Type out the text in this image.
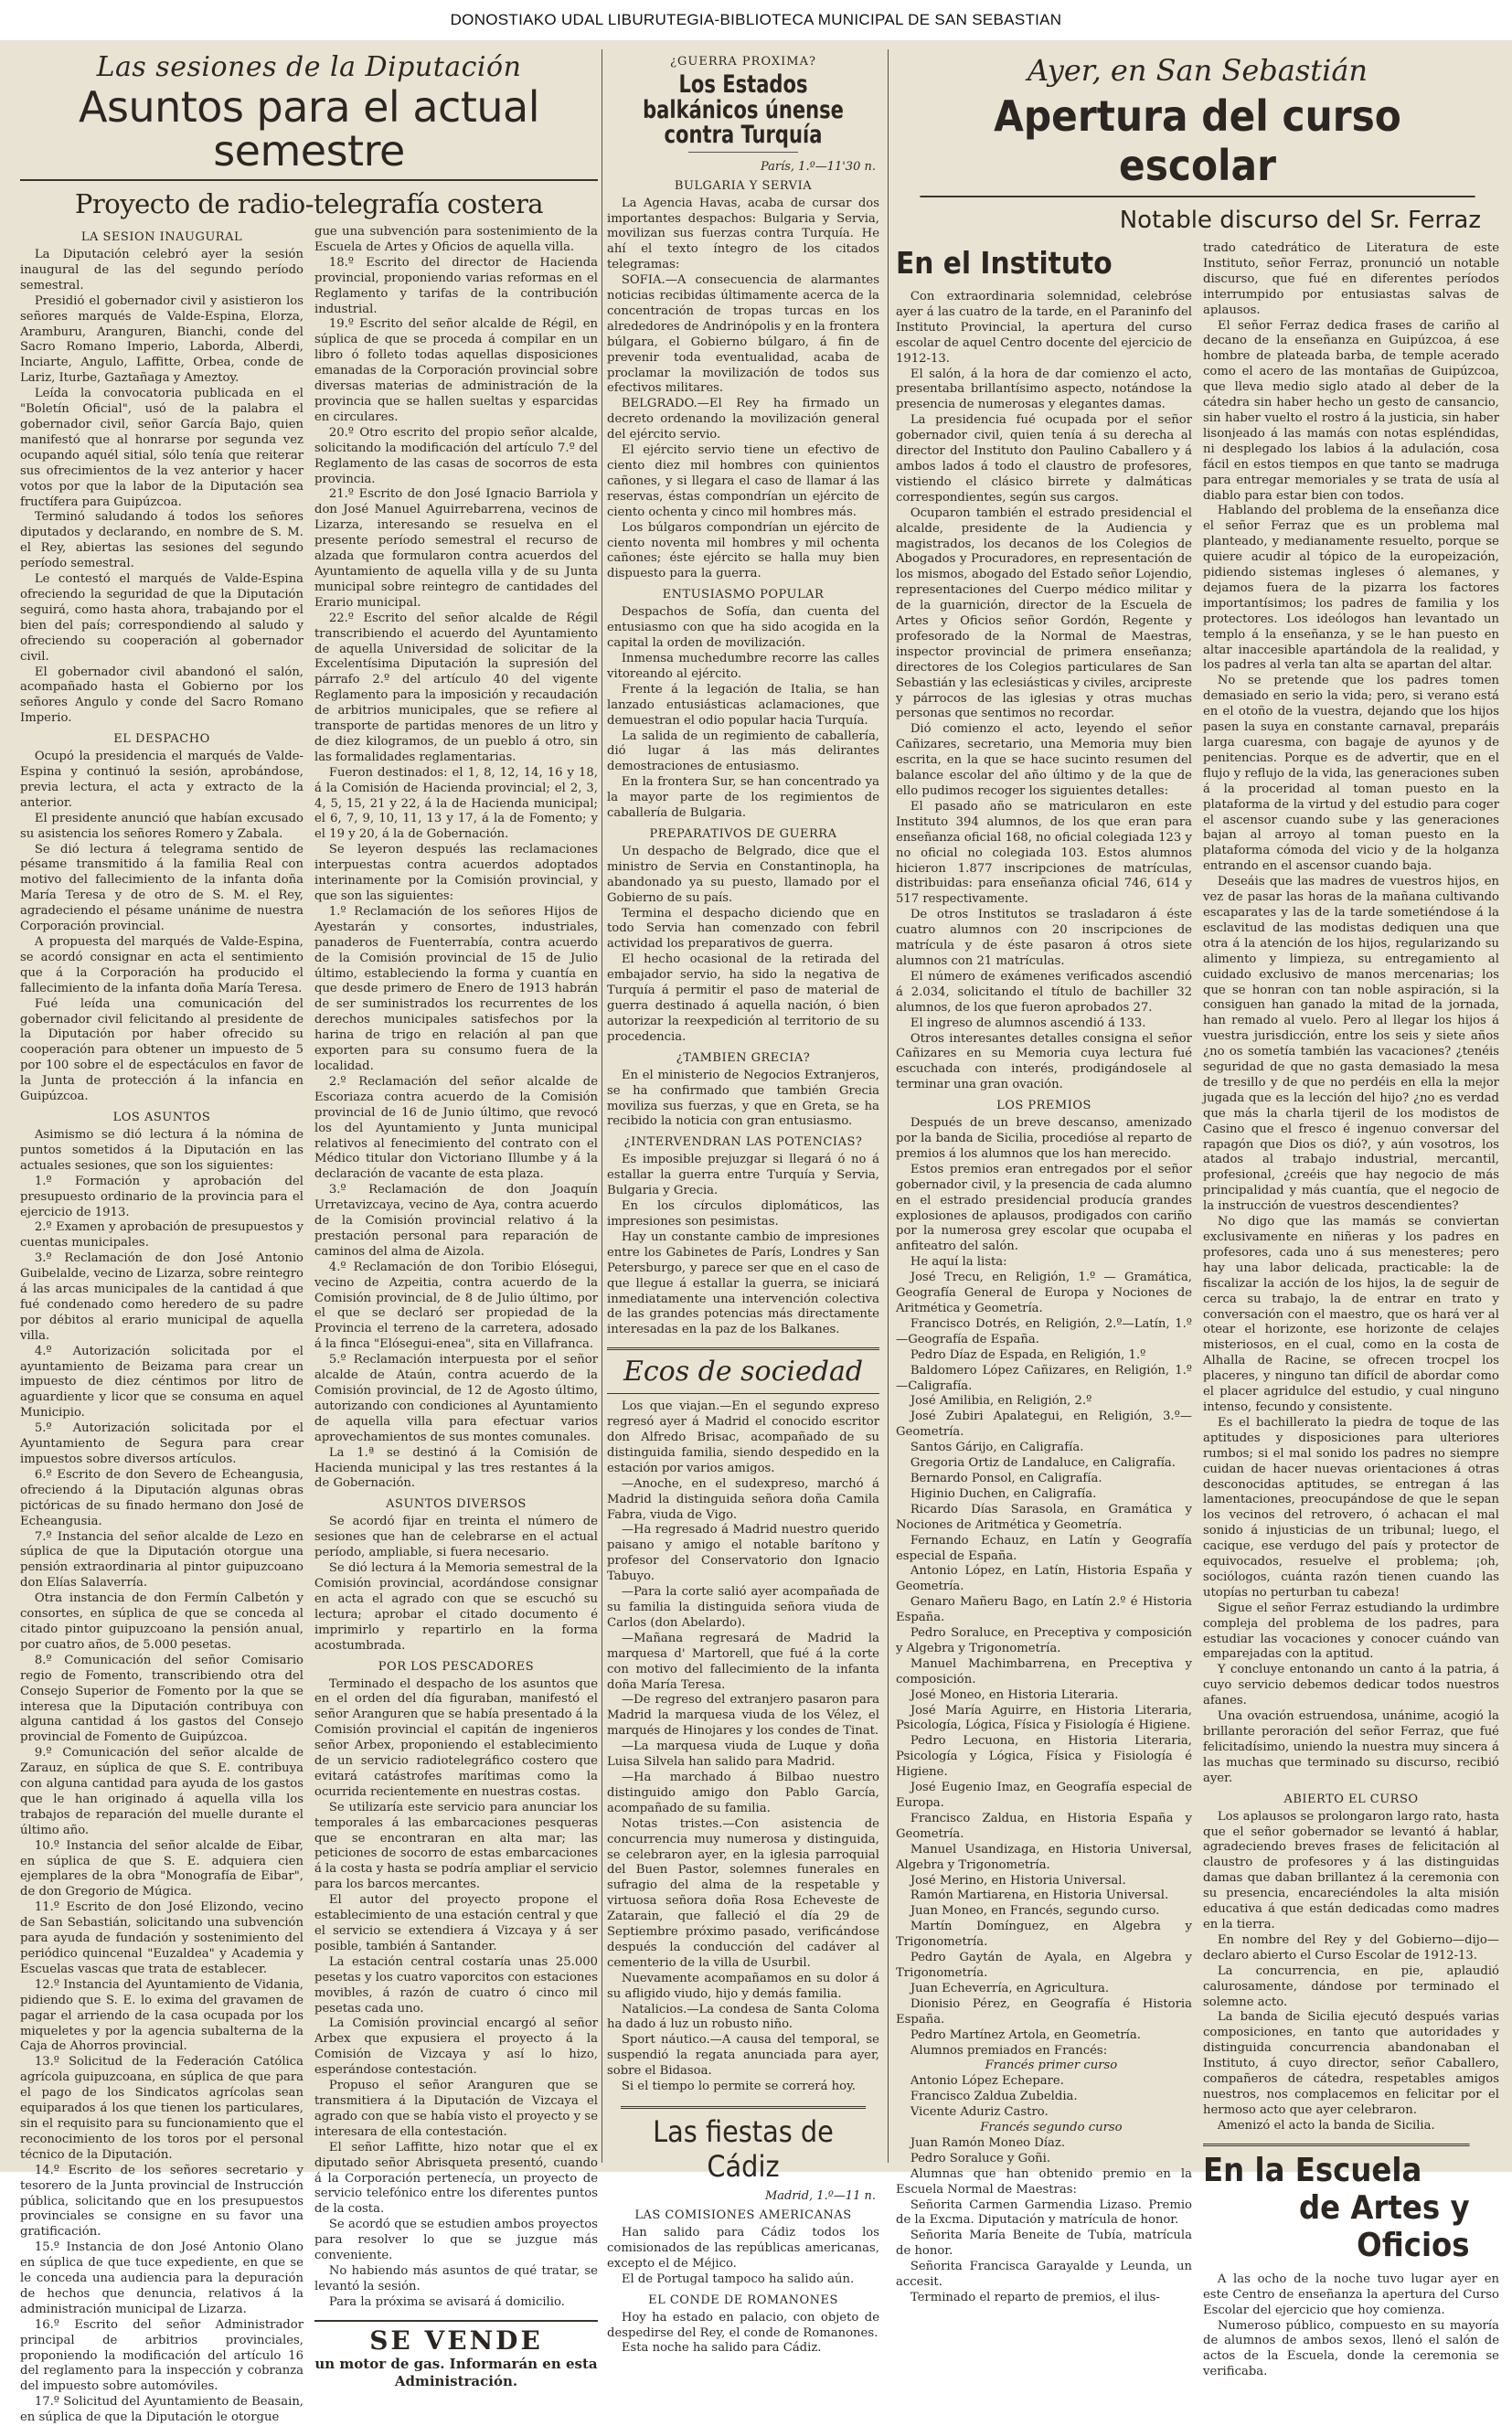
DONOSTIAKO UDAL LIBURUTEGIA-BIBLIOTECA MUNICIPAL DE SAN SEBASTIAN
Las sesiones de la Diputación
Asuntos para el actual semestre
Proyecto de radio-telegrafía costera
LA SESION INAUGURAL

La Diputación celebró ayer la sesión inaugural de las del segundo período semestral.

Presidió el gobernador civil y asistieron los señores marqués de Valde-Espina, Elorza, Aramburu, Aranguren, Bianchi, conde del Sacro Romano Imperio, Laborda, Alberdi, Inciarte, Angulo, Laffitte, Orbea, conde de Lariz, Iturbe, Gaztañaga y Ameztoy.

Leída la convocatoria publicada en el "Boletín Oficial", usó de la palabra el gobernador civil, señor García Bajo, quien manifestó que al honrarse por segunda vez ocupando aquél sitial, sólo tenía que reiterar sus ofrecimientos de la vez anterior y hacer votos por que la labor de la Diputación sea fructífera para Guipúzcoa.

Terminó saludando á todos los señores diputados y declarando, en nombre de S. M. el Rey, abiertas las sesiones del segundo período semestral.

Le contestó el marqués de Valde-Espina ofreciendo la seguridad de que la Diputación seguirá, como hasta ahora, trabajando por el bien del país; correspondiendo al saludo y ofreciendo su cooperación al gobernador civil.

El gobernador civil abandonó el salón, acompañado hasta el Gobierno por los señores Angulo y conde del Sacro Romano Imperio.

EL DESPACHO

Ocupó la presidencia el marqués de Valde-Espina y continuó la sesión, aprobándose, previa lectura, el acta y extracto de la anterior.

El presidente anunció que habían excusado su asistencia los señores Romero y Zabala.

Se dió lectura á telegrama sentido de pésame transmitido á la familia Real con motivo del fallecimiento de la infanta doña María Teresa y de otro de S. M. el Rey, agradeciendo el pésame unánime de nuestra Corporación provincial.

A propuesta del marqués de Valde-Espina, se acordó consignar en acta el sentimiento que á la Corporación ha producido el fallecimiento de la infanta doña María Teresa.

Fué leída una comunicación del gobernador civil felicitando al presidente de la Diputación por haber ofrecido su cooperación para obtener un impuesto de 5 por 100 sobre el de espectáculos en favor de la Junta de protección á la infancia en Guipúzcoa.

LOS ASUNTOS

Asimismo se dió lectura á la nómina de puntos sometidos á la Diputación en las actuales sesiones, que son los siguientes:

1.º Formación y aprobación del presupuesto ordinario de la provincia para el ejercicio de 1913.

2.º Examen y aprobación de presupuestos y cuentas municipales.

3.º Reclamación de don José Antonio Guibelalde, vecino de Lizarza, sobre reintegro á las arcas municipales de la cantidad á que fué condenado como heredero de su padre por débitos al erario municipal de aquella villa.

4.º Autorización solicitada por el ayuntamiento de Beizama para crear un impuesto de diez céntimos por litro de aguardiente y licor que se consuma en aquel Municipio.

5.º Autorización solicitada por el Ayuntamiento de Segura para crear impuestos sobre diversos artículos.

6.º Escrito de don Severo de Echeangusia, ofreciendo á la Diputación algunas obras pictóricas de su finado hermano don José de Echeangusia.

7.º Instancia del señor alcalde de Lezo en súplica de que la Diputación otorgue una pensión extraordinaria al pintor guipuzcoano don Elías Salaverría.

Otra instancia de don Fermín Calbetón y consortes, en súplica de que se conceda al citado pintor guipuzcoano la pensión anual, por cuatro años, de 5.000 pesetas.

8.º Comunicación del señor Comisario regio de Fomento, transcribiendo otra del Consejo Superior de Fomento por la que se interesa que la Diputación contribuya con alguna cantidad á los gastos del Consejo provincial de Fomento de Guipúzcoa.

9.º Comunicación del señor alcalde de Zarauz, en súplica de que S. E. contribuya con alguna cantidad para ayuda de los gastos que le han originado á aquella villa los trabajos de reparación del muelle durante el último año.

10.º Instancia del señor alcalde de Eibar, en súplica de que S. E. adquiera cien ejemplares de la obra "Monografía de Eibar", de don Gregorio de Múgica.

11.º Escrito de don José Elizondo, vecino de San Sebastián, solicitando una subvención para ayuda de fundación y sostenimiento del periódico quincenal "Euzaldea" y Academia y Escuelas vascas que trata de establecer.

12.º Instancia del Ayuntamiento de Vidania, pidiendo que S. E. lo exima del gravamen de pagar el arriendo de la casa ocupada por los miqueletes y por la agencia subalterna de la Caja de Ahorros provincial.

13.º Solicitud de la Federación Católica agrícola guipuzcoana, en súplica de que para el pago de los Sindicatos agrícolas sean equiparados á los que tienen los particulares, sin el requisito para su funcionamiento que el reconocimiento de los toros por el personal técnico de la Diputación.

14.º Escrito de los señores secretario y tesorero de la Junta provincial de Instrucción pública, solicitando que en los presupuestos provinciales se consigne en su favor una gratificación.

15.º Instancia de don José Antonio Olano en súplica de que tuce expediente, en que se le conceda una audiencia para la depuración de hechos que denuncia, relativos á la administración municipal de Lizarza.

16.º Escrito del señor Administrador principal de arbitrios provinciales, proponiendo la modificación del artículo 16 del reglamento para la inspección y cobranza del impuesto sobre automóviles.

17.º Solicitud del Ayuntamiento de Beasain, en súplica de que la Diputación le otorgue

gue una subvención para sostenimiento de la Escuela de Artes y Oficios de aquella villa.

18.º Escrito del director de Hacienda provincial, proponiendo varias reformas en el Reglamento y tarifas de la contribución industrial.

19.º Escrito del señor alcalde de Régil, en súplica de que se proceda á compilar en un libro ó folleto todas aquellas disposiciones emanadas de la Corporación provincial sobre diversas materias de administración de la provincia que se hallen sueltas y esparcidas en circulares.

20.º Otro escrito del propio señor alcalde, solicitando la modificación del artículo 7.º del Reglamento de las casas de socorros de esta provincia.

21.º Escrito de don José Ignacio Barriola y don José Manuel Aguirrebarrena, vecinos de Lizarza, interesando se resuelva en el presente período semestral el recurso de alzada que formularon contra acuerdos del Ayuntamiento de aquella villa y de su Junta municipal sobre reintegro de cantidades del Erario municipal.

22.º Escrito del señor alcalde de Régil transcribiendo el acuerdo del Ayuntamiento de aquella Universidad de solicitar de la Excelentísima Diputación la supresión del párrafo 2.º del artículo 40 del vigente Reglamento para la imposición y recaudación de arbitrios municipales, que se refiere al transporte de partidas menores de un litro y de diez kilogramos, de un pueblo á otro, sin las formalidades reglamentarias.

Fueron destinados: el 1, 8, 12, 14, 16 y 18, á la Comisión de Hacienda provincial; el 2, 3, 4, 5, 15, 21 y 22, á la de Hacienda municipal; el 6, 7, 9, 10, 11, 13 y 17, á la de Fomento; y el 19 y 20, á la de Gobernación.

Se leyeron después las reclamaciones interpuestas contra acuerdos adoptados interinamente por la Comisión provincial, y que son las siguientes:

1.º Reclamación de los señores Hijos de Ayestarán y consortes, industriales, panaderos de Fuenterrabía, contra acuerdo de la Comisión provincial de 15 de Julio último, estableciendo la forma y cuantía en que desde primero de Enero de 1913 habrán de ser suministrados los recurrentes de los derechos municipales satisfechos por la harina de trigo en relación al pan que exporten para su consumo fuera de la localidad.

2.º Reclamación del señor alcalde de Escoriaza contra acuerdo de la Comisión provincial de 16 de Junio último, que revocó los del Ayuntamiento y Junta municipal relativos al fenecimiento del contrato con el Médico titular don Victoriano Illumbe y á la declaración de vacante de esta plaza.

3.º Reclamación de don Joaquín Urretavizcaya, vecino de Aya, contra acuerdo de la Comisión provincial relativo á la prestación personal para reparación de caminos del alma de Aizola.

4.º Reclamación de don Toribio Elósegui, vecino de Azpeitia, contra acuerdo de la Comisión provincial, de 8 de Julio último, por el que se declaró ser propiedad de la Provincia el terreno de la carretera, adosado á la finca "Elósegui-enea", sita en Villafranca.

5.º Reclamación interpuesta por el señor alcalde de Ataún, contra acuerdo de la Comisión provincial, de 12 de Agosto último, autorizando con condiciones al Ayuntamiento de aquella villa para efectuar varios aprovechamientos de sus montes comunales.

La 1.ª se destinó á la Comisión de Hacienda municipal y las tres restantes á la de Gobernación.

ASUNTOS DIVERSOS

Se acordó fijar en treinta el número de sesiones que han de celebrarse en el actual período, ampliable, si fuera necesario.

Se dió lectura á la Memoria semestral de la Comisión provincial, acordándose consignar en acta el agrado con que se escuchó su lectura; aprobar el citado documento é imprimirlo y repartirlo en la forma acostumbrada.

POR LOS PESCADORES

Terminado el despacho de los asuntos que en el orden del día figuraban, manifestó el señor Aranguren que se había presentado á la Comisión provincial el capitán de ingenieros señor Arbex, proponiendo el establecimiento de un servicio radiotelegráfico costero que evitará catástrofes marítimas como la ocurrida recientemente en nuestras costas.

Se utilizaría este servicio para anunciar los temporales á las embarcaciones pesqueras que se encontraran en alta mar; las peticiones de socorro de estas embarcaciones á la costa y hasta se podría ampliar el servicio para los barcos mercantes.

El autor del proyecto propone el establecimiento de una estación central y que el servicio se extendiera á Vizcaya y á ser posible, también á Santander.

La estación central costaría unas 25.000 pesetas y los cuatro vaporcitos con estaciones movibles, á razón de cuatro ó cinco mil pesetas cada uno.

La Comisión provincial encargó al señor Arbex que expusiera el proyecto á la Comisión de Vizcaya y así lo hizo, esperándose contestación.

Propuso el señor Aranguren que se transmitiera á la Diputación de Vizcaya el agrado con que se había visto el proyecto y se interesara de ella contestación.

El señor Laffitte, hizo notar que el ex diputado señor Abrisqueta presentó, cuando á la Corporación pertenecía, un proyecto de servicio telefónico entre los diferentes puntos de la costa.

Se acordó que se estudien ambos proyectos para resolver lo que se juzgue más conveniente.

No habiendo más asuntos de qué tratar, se levantó la sesión.

Para la próxima se avisará á domicilio.

SE VENDE
un motor de gas. Informarán en esta Administración.
¿GUERRA PROXIMA?
Los Estados balkánicos únense contra Turquía
París, 1.º—11'30 n.
BULGARIA Y SERVIA

La Agencia Havas, acaba de cursar dos importantes despachos: Bulgaria y Servia, movilizan sus fuerzas contra Turquía. He ahí el texto íntegro de los citados telegramas:

SOFIA.—A consecuencia de alarmantes noticias recibidas últimamente acerca de la concentración de tropas turcas en los alrededores de Andrinópolis y en la frontera búlgara, el Gobierno búlgaro, á fin de prevenir toda eventualidad, acaba de proclamar la movilización de todos sus efectivos militares.

BELGRADO.—El Rey ha firmado un decreto ordenando la movilización general del ejército servio.

El ejército servio tiene un efectivo de ciento diez mil hombres con quinientos cañones, y si llegara el caso de llamar á las reservas, éstas compondrían un ejército de ciento ochenta y cinco mil hombres más.

Los búlgaros compondrían un ejército de ciento noventa mil hombres y mil ochenta cañones; éste ejército se halla muy bien dispuesto para la guerra.

ENTUSIASMO POPULAR

Despachos de Sofía, dan cuenta del entusiasmo con que ha sido acogida en la capital la orden de movilización.

Inmensa muchedumbre recorre las calles vitoreando al ejército.

Frente á la legación de Italia, se han lanzado entusiásticas aclamaciones, que demuestran el odio popular hacia Turquía.

La salida de un regimiento de caballería, dió lugar á las más delirantes demostraciones de entusiasmo.

En la frontera Sur, se han concentrado ya la mayor parte de los regimientos de caballería de Bulgaria.

PREPARATIVOS DE GUERRA

Un despacho de Belgrado, dice que el ministro de Servia en Constantinopla, ha abandonado ya su puesto, llamado por el Gobierno de su país.

Termina el despacho diciendo que en todo Servia han comenzado con febril actividad los preparativos de guerra.

El hecho ocasional de la retirada del embajador servio, ha sido la negativa de Turquía á permitir el paso de material de guerra destinado á aquella nación, ó bien autorizar la reexpedición al territorio de su procedencia.

¿TAMBIEN GRECIA?

En el ministerio de Negocios Extranjeros, se ha confirmado que también Grecia moviliza sus fuerzas, y que en Greta, se ha recibido la noticia con gran entusiasmo.

¿INTERVENDRAN LAS POTENCIAS?

Es imposible prejuzgar si llegará ó no á estallar la guerra entre Turquía y Servia, Bulgaria y Grecia.

En los círculos diplomáticos, las impresiones son pesimistas.

Hay un constante cambio de impresiones entre los Gabinetes de París, Londres y San Petersburgo, y parece ser que en el caso de que llegue á estallar la guerra, se iniciará inmediatamente una intervención colectiva de las grandes potencias más directamente interesadas en la paz de los Balkanes.

Ecos de sociedad

Los que viajan.—En el segundo expreso regresó ayer á Madrid el conocido escritor don Alfredo Brisac, acompañado de su distinguida familia, siendo despedido en la estación por varios amigos.

—Anoche, en el sudexpreso, marchó á Madrid la distinguida señora doña Camila Fabra, viuda de Vigo.

—Ha regresado á Madrid nuestro querido paisano y amigo el notable barítono y profesor del Conservatorio don Ignacio Tabuyo.

—Para la corte salió ayer acompañada de su familia la distinguida señora viuda de Carlos (don Abelardo).

—Mañana regresará de Madrid la marquesa d' Martorell, que fué á la corte con motivo del fallecimiento de la infanta doña María Teresa.

—De regreso del extranjero pasaron para Madrid la marquesa viuda de los Vélez, el marqués de Hinojares y los condes de Tinat.

—La marquesa viuda de Luque y doña Luisa Silvela han salido para Madrid.

—Ha marchado á Bilbao nuestro distinguido amigo don Pablo García, acompañado de su familia.

Notas tristes.—Con asistencia de concurrencia muy numerosa y distinguida, se celebraron ayer, en la iglesia parroquial del Buen Pastor, solemnes funerales en sufragio del alma de la respetable y virtuosa señora doña Rosa Echeveste de Zatarain, que falleció el día 29 de Septiembre próximo pasado, verificándose después la conducción del cadáver al cementerio de la villa de Usurbil.

Nuevamente acompañamos en su dolor á su afligido viudo, hijo y demás familia.

Natalicios.—La condesa de Santa Coloma ha dado á luz un robusto niño.

Sport náutico.—A causa del temporal, se suspendió la regata anunciada para ayer, sobre el Bidasoa.

Si el tiempo lo permite se correrá hoy.

Las fiestas de Cádiz
Madrid, 1.º—11 n.
LAS COMISIONES AMERICANAS

Han salido para Cádiz todos los comisionados de las repúblicas americanas, excepto el de Méjico.

El de Portugal tampoco ha salido aún.

EL CONDE DE ROMANONES

Hoy ha estado en palacio, con objeto de despedirse del Rey, el conde de Romanones.

Esta noche ha salido para Cádiz.

Ayer, en San Sebastián
Apertura del curso escolar
Notable discurso del Sr. Ferraz
En el Instituto

Con extraordinaria solemnidad, celebróse ayer á las cuatro de la tarde, en el Paraninfo del Instituto Provincial, la apertura del curso escolar de aquel Centro docente del ejercicio de 1912-13.

El salón, á la hora de dar comienzo el acto, presentaba brillantísimo aspecto, notándose la presencia de numerosas y elegantes damas.

La presidencia fué ocupada por el señor gobernador civil, quien tenía á su derecha al director del Instituto don Paulino Caballero y á ambos lados á todo el claustro de profesores, vistiendo el clásico birrete y dalmáticas correspondientes, según sus cargos.

Ocuparon también el estrado presidencial el alcalde, presidente de la Audiencia y magistrados, los decanos de los Colegios de Abogados y Procuradores, en representación de los mismos, abogado del Estado señor Lojendio, representaciones del Cuerpo médico militar y de la guarnición, director de la Escuela de Artes y Oficios señor Gordón, Regente y profesorado de la Normal de Maestras, inspector provincial de primera enseñanza; directores de los Colegios particulares de San Sebastián y las eclesiásticas y civiles, arcipreste y párrocos de las iglesias y otras muchas personas que sentimos no recordar.

Dió comienzo el acto, leyendo el señor Cañizares, secretario, una Memoria muy bien escrita, en la que se hace sucinto resumen del balance escolar del año último y de la que de ello pudimos recoger los siguientes detalles:

El pasado año se matricularon en este Instituto 394 alumnos, de los que eran para enseñanza oficial 168, no oficial colegiada 123 y no oficial no colegiada 103. Estos alumnos hicieron 1.877 inscripciones de matrículas, distribuidas: para enseñanza oficial 746, 614 y 517 respectivamente.

De otros Institutos se trasladaron á éste cuatro alumnos con 20 inscripciones de matrícula y de éste pasaron á otros siete alumnos con 21 matrículas.

El número de exámenes verificados ascendió á 2.034, solicitando el título de bachiller 32 alumnos, de los que fueron aprobados 27.

El ingreso de alumnos ascendió á 133.

Otros interesantes detalles consigna el señor Cañizares en su Memoria cuya lectura fué escuchada con interés, prodigándosele al terminar una gran ovación.

LOS PREMIOS

Después de un breve descanso, amenizado por la banda de Sicilia, procedióse al reparto de premios á los alumnos que los han merecido.

Estos premios eran entregados por el señor gobernador civil, y la presencia de cada alumno en el estrado presidencial producía grandes explosiones de aplausos, prodigados con cariño por la numerosa grey escolar que ocupaba el anfiteatro del salón.

He aquí la lista:

José Trecu, en Religión, 1.º — Gramática, Geografía General de Europa y Nociones de Aritmética y Geometría.

Francisco Dotrés, en Religión, 2.º—Latín, 1.º —Geografía de España.

Pedro Díaz de Espada, en Religión, 1.º

Baldomero López Cañizares, en Religión, 1.º —Caligrafía.

José Amilibia, en Religión, 2.º

José Zubiri Apalategui, en Religión, 3.º— Geometría.

Santos Gárijo, en Caligrafía.

Gregoria Ortiz de Landaluce, en Caligrafía.

Bernardo Ponsol, en Caligrafía.

Higinio Duchen, en Caligrafía.

Ricardo Días Sarasola, en Gramática y Nociones de Aritmética y Geometría.

Fernando Echauz, en Latín y Geografía especial de España.

Antonio López, en Latín, Historia España y Geometría.

Genaro Mañeru Bago, en Latín 2.º é Historia España.

Pedro Soraluce, en Preceptiva y composición y Algebra y Trigonometría.

Manuel Machimbarrena, en Preceptiva y composición.

José Moneo, en Historia Literaria.

José María Aguirre, en Historia Literaria, Psicología, Lógica, Física y Fisiología é Higiene.

Pedro Lecuona, en Historia Literaria, Psicología y Lógica, Física y Fisiología é Higiene.

José Eugenio Imaz, en Geografía especial de Europa.

Francisco Zaldua, en Historia España y Geometría.

Manuel Usandizaga, en Historia Universal, Algebra y Trigonometría.

José Merino, en Historia Universal.

Ramón Martiarena, en Historia Universal.

Juan Moneo, en Francés, segundo curso.

Martín Domínguez, en Algebra y Trigonometría.

Pedro Gaytán de Ayala, en Algebra y Trigonometría.

Juan Echeverría, en Agricultura.

Dionisio Pérez, en Geografía é Historia España.

Pedro Martínez Artola, en Geometría.

Alumnos premiados en Francés:

Francés primer curso

Antonio López Echepare.

Francisco Zaldua Zubeldia.

Vicente Aduriz Castro.

Francés segundo curso

Juan Ramón Moneo Díaz.

Pedro Soraluce y Goñi.

Alumnas que han obtenido premio en la Escuela Normal de Maestras:

Señorita Carmen Garmendia Lizaso. Premio de la Excma. Diputación y matrícula de honor.

Señorita María Beneite de Tubía, matrícula de honor.

Señorita Francisca Garayalde y Leunda, un accesit.

Terminado el reparto de premios, el ilus-

trado catedrático de Literatura de este Instituto, señor Ferraz, pronunció un notable discurso, que fué en diferentes períodos interrumpido por entusiastas salvas de aplausos.

El señor Ferraz dedica frases de cariño al decano de la enseñanza en Guipúzcoa, á ese hombre de plateada barba, de temple acerado como el acero de las montañas de Guipúzcoa, que lleva medio siglo atado al deber de la cátedra sin haber hecho un gesto de cansancio, sin haber vuelto el rostro á la justicia, sin haber lisonjeado á las mamás con notas espléndidas, ni desplegado los labios á la adulación, cosa fácil en estos tiempos en que tanto se madruga para entregar memoriales y se trata de usía al diablo para estar bien con todos.

Hablando del problema de la enseñanza dice el señor Ferraz que es un problema mal planteado, y medianamente resuelto, porque se quiere acudir al tópico de la europeización, pidiendo sistemas ingleses ó alemanes, y dejamos fuera de la pizarra los factores importantísimos; los padres de familia y los protectores. Los ideólogos han levantado un templo á la enseñanza, y se le han puesto en altar inaccesible apartándola de la realidad, y los padres al verla tan alta se apartan del altar.

No se pretende que los padres tomen demasiado en serio la vida; pero, si verano está en el otoño de la vuestra, dejando que los hijos pasen la suya en constante carnaval, preparáis larga cuaresma, con bagaje de ayunos y de penitencias. Porque es de advertir, que en el flujo y reflujo de la vida, las generaciones suben á la proceridad al toman puesto en la plataforma de la virtud y del estudio para coger el ascensor cuando sube y las generaciones bajan al arroyo al toman puesto en la plataforma cómoda del vicio y de la holganza entrando en el ascensor cuando baja.

Deseáis que las madres de vuestros hijos, en vez de pasar las horas de la mañana cultivando escaparates y las de la tarde sometiéndose á la esclavitud de las modistas dediquen una que otra á la atención de los hijos, regularizando su alimento y limpieza, su entregamiento al cuidado exclusivo de manos mercenarias; los que se honran con tan noble aspiración, si la consiguen han ganado la mitad de la jornada, han remado al vuelo. Pero al llegar los hijos á vuestra jurisdicción, entre los seis y siete años ¿no os sometía también las vacaciones? ¿tenéis seguridad de que no gasta demasiado la mesa de tresillo y de que no perdéis en ella la mejor jugada que es la lección del hijo? ¿no es verdad que más la charla tijeril de los modistos de Casino que el fresco é ingenuo conversar del rapagón que Dios os dió?, y aún vosotros, los atados al trabajo industrial, mercantil, profesional, ¿creéis que hay negocio de más principalidad y más cuantía, que el negocio de la instrucción de vuestros descendientes?

No digo que las mamás se conviertan exclusivamente en niñeras y los padres en profesores, cada uno á sus menesteres; pero hay una labor delicada, practicable: la de fiscalizar la acción de los hijos, la de seguir de cerca su trabajo, la de entrar en trato y conversación con el maestro, que os hará ver al otear el horizonte, ese horizonte de celajes misteriosos, en el cual, como en la costa de Alhalla de Racine, se ofrecen trocpel los placeres, y ninguno tan difícil de abordar como el placer agridulce del estudio, y cual ninguno intenso, fecundo y consistente.

Es el bachillerato la piedra de toque de las aptitudes y disposiciones para ulteriores rumbos; si el mal sonido los padres no siempre cuidan de hacer nuevas orientaciones á otras desconocidas aptitudes, se entregan á las lamentaciones, preocupándose de que le sepan los vecinos del retrovero, ó achacan el mal sonido á injusticias de un tribunal; luego, el cacique, ese verdugo del país y protector de equivocados, resuelve el problema; ¡oh, sociólogos, cuánta razón tienen cuando las utopías no perturban tu cabeza!

Sigue el señor Ferraz estudiando la urdimbre compleja del problema de los padres, para estudiar las vocaciones y conocer cuándo van emparejadas con la aptitud.

Y concluye entonando un canto á la patria, á cuyo servicio debemos dedicar todos nuestros afanes.

Una ovación estruendosa, unánime, acogió la brillante peroración del señor Ferraz, que fué felicitadísimo, uniendo la nuestra muy sincera á las muchas que terminado su discurso, recibió ayer.

ABIERTO EL CURSO

Los aplausos se prolongaron largo rato, hasta que el señor gobernador se levantó á hablar, agradeciendo breves frases de felicitación al claustro de profesores y á las distinguidas damas que daban brillantez á la ceremonia con su presencia, encareciéndoles la alta misión educativa á que están dedicadas como madres en la tierra.

En nombre del Rey y del Gobierno—dijo— declaro abierto el Curso Escolar de 1912-13.

La concurrencia, en pie, aplaudió calurosamente, dándose por terminado el solemne acto.

La banda de Sicilia ejecutó después varias composiciones, en tanto que autoridades y distinguida concurrencia abandonaban el Instituto, á cuyo director, señor Caballero, compañeros de cátedra, respetables amigos nuestros, nos complacemos en felicitar por el hermoso acto que ayer celebraron.

Amenizó el acto la banda de Sicilia.

En la Escuela
de Artes y Oficios

A las ocho de la noche tuvo lugar ayer en este Centro de enseñanza la apertura del Curso Escolar del ejercicio que hoy comienza.

Numeroso público, compuesto en su mayoría de alumnos de ambos sexos, llenó el salón de actos de la Escuela, donde la ceremonia se verificaba.
